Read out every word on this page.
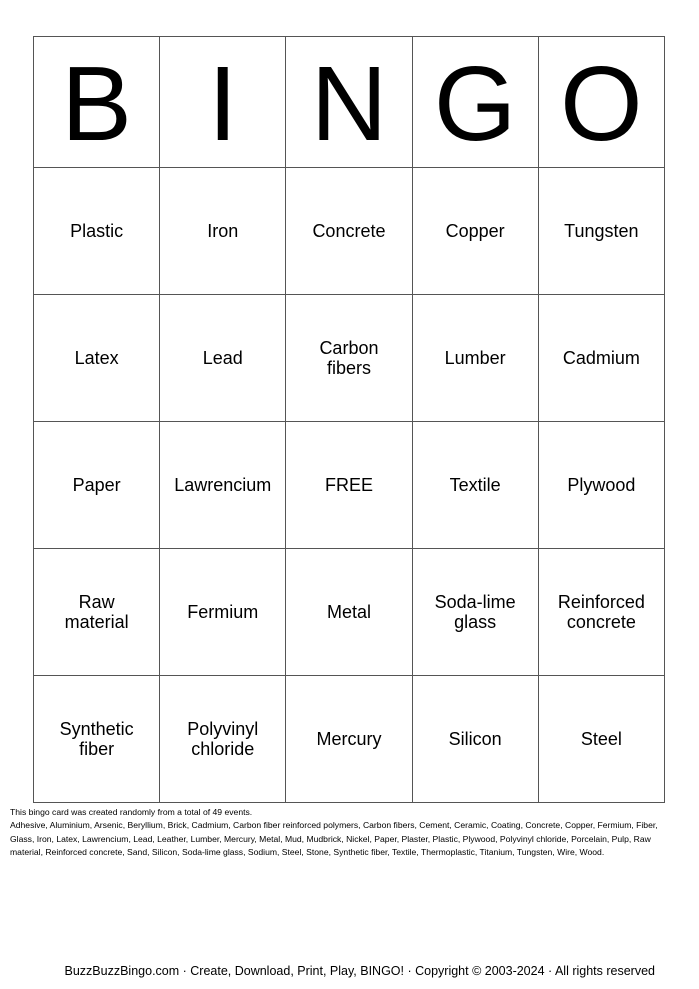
B	I	N	G	O
Plastic	Iron	Concrete	Copper	Tungsten
Latex	Lead	Carbon fibers	Lumber	Cadmium
Paper	Lawrencium	FREE	Textile	Plywood
Raw material	Fermium	Metal	Soda-lime glass	Reinforced concrete
Synthetic fiber	Polyvinyl chloride	Mercury	Silicon	Steel

This bingo card was created randomly from a total of 49 events.

Adhesive, Aluminium, Arsenic, Beryllium, Brick, Cadmium, Carbon fiber reinforced polymers, Carbon fibers, Cement, Ceramic, Coating, Concrete, Copper, Fermium, Fiber, Glass, Iron, Latex, Lawrencium, Lead, Leather, Lumber, Mercury, Metal, Mud, Mudbrick, Nickel, Paper, Plaster, Plastic, Plywood, Polyvinyl chloride, Porcelain, Pulp, Raw material, Reinforced concrete, Sand, Silicon, Soda-lime glass, Sodium, Steel, Stone, Synthetic fiber, Textile, Thermoplastic, Titanium, Tungsten, Wire, Wood.

BuzzBuzzBingo.com · Create, Download, Print, Play, BINGO! · Copyright © 2003-2024 · All rights reserved
